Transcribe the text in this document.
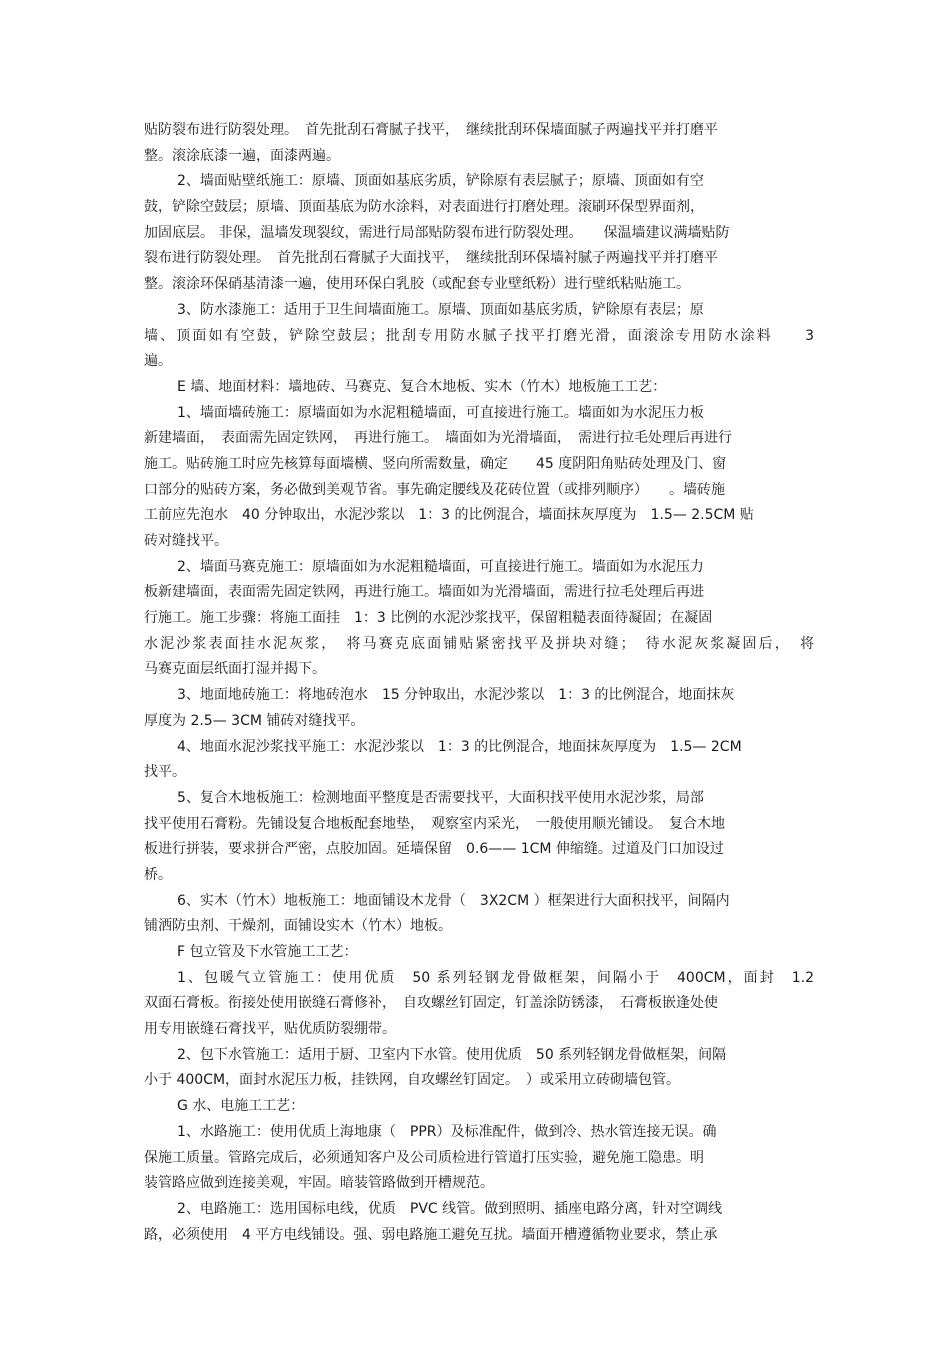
贴防裂布进行防裂处理。　首先批刮石膏腻子找平，　继续批刮环保墙面腻子两遍找平并打磨平
整。滚涂底漆一遍，面漆两遍。
2、墙面贴壁纸施工：原墙、顶面如基底劣质，铲除原有表层腻子；原墙、顶面如有空
鼓，铲除空鼓层；原墙、顶面基底为防水涂料，对表面进行打磨处理。滚刷环保型界面剂，
加固底层。 非保，温墙发现裂纹，需进行局部贴防裂布进行防裂处理。　　保温墙建议满墙贴防
裂布进行防裂处理。　首先批刮石膏腻子大面找平，　继续批刮环保墙衬腻子两遍找平并打磨平
整。滚涂环保硝基清漆一遍，使用环保白乳胶（或配套专业壁纸粉）进行壁纸粘贴施工。
3、防水漆施工：适用于卫生间墙面施工。原墙、顶面如基底劣质，铲除原有表层；原
墙、顶面如有空鼓，铲除空鼓层；批刮专用防水腻子找平打磨光滑，面滚涂专用防水涂料　　3
遍。
E 墙、地面材料：墙地砖、马赛克、复合木地板、实木（竹木）地板施工工艺：
1、墙面墙砖施工：原墙面如为水泥粗糙墙面，可直接进行施工。墙面如为水泥压力板
新建墙面，　表面需先固定铁网，　再进行施工。　墙面如为光滑墙面，　需进行拉毛处理后再进行
施工。贴砖施工时应先核算每面墙横、竖向所需数量，确定　　45 度阴阳角贴砖处理及门、窗
口部分的贴砖方案，务必做到美观节省。事先确定腰线及花砖位置（或排列顺序）　　。墙砖施
工前应先泡水　40 分钟取出，水泥沙浆以　1：3 的比例混合，墙面抹灰厚度为　1.5— 2.5CM 贴
砖对缝找平。
2、墙面马赛克施工：原墙面如为水泥粗糙墙面，可直接进行施工。墙面如为水泥压力
板新建墙面，表面需先固定铁网，再进行施工。墙面如为光滑墙面，需进行拉毛处理后再进
行施工。施工步骤：将施工面挂　1：3 比例的水泥沙浆找平，保留粗糙表面待凝固；在凝固
水泥沙浆表面挂水泥灰浆，　将马赛克底面铺贴紧密找平及拼块对缝；　待水泥灰浆凝固后，　将
马赛克面层纸面打湿并揭下。
3、地面地砖施工：将地砖泡水　15 分钟取出，水泥沙浆以　1：3 的比例混合，地面抹灰
厚度为 2.5— 3CM 铺砖对缝找平。
4、地面水泥沙浆找平施工：水泥沙浆以　1：3 的比例混合，地面抹灰厚度为　1.5— 2CM
找平。
5、复合木地板施工：检测地面平整度是否需要找平，大面积找平使用水泥沙浆，局部
找平使用石膏粉。先铺设复合地板配套地垫，　观察室内采光，　一般使用顺光铺设。　复合木地
板进行拼装，要求拼合严密，点胶加固。延墙保留　0.6—— 1CM 伸缩缝。过道及门口加设过
桥。
6、实木（竹木）地板施工：地面铺设木龙骨（　3X2CM ）框架进行大面积找平，间隔内
铺洒防虫剂、干燥剂，面铺设实木（竹木）地板。
F 包立管及下水管施工工艺：
1、包暖气立管施工：使用优质　50 系列轻钢龙骨做框架，间隔小于　400CM，面封　1.2
双面石膏板。衔接处使用嵌缝石膏修补，　自攻螺丝钉固定，钉盖涂防锈漆，　石膏板嵌逢处使
用专用嵌缝石膏找平，贴优质防裂绷带。
2、包下水管施工：适用于厨、卫室内下水管。使用优质　50 系列轻钢龙骨做框架，间隔
小于 400CM，面封水泥压力板，挂铁网，自攻螺丝钉固定。　）或采用立砖砌墙包管。
G 水、电施工工艺：
1、水路施工：使用优质上海地康（　PPR）及标准配件，做到冷、热水管连接无误。确
保施工质量。管路完成后，必须通知客户及公司质检进行管道打压实验，避免施工隐患。明
装管路应做到连接美观，牢固。暗装管路做到开槽规范。
2、电路施工：选用国标电线，优质　PVC 线管。做到照明、插座电路分离，针对空调线
路，必须使用　4 平方电线铺设。强、弱电路施工避免互扰。墙面开槽遵循物业要求，禁止承
